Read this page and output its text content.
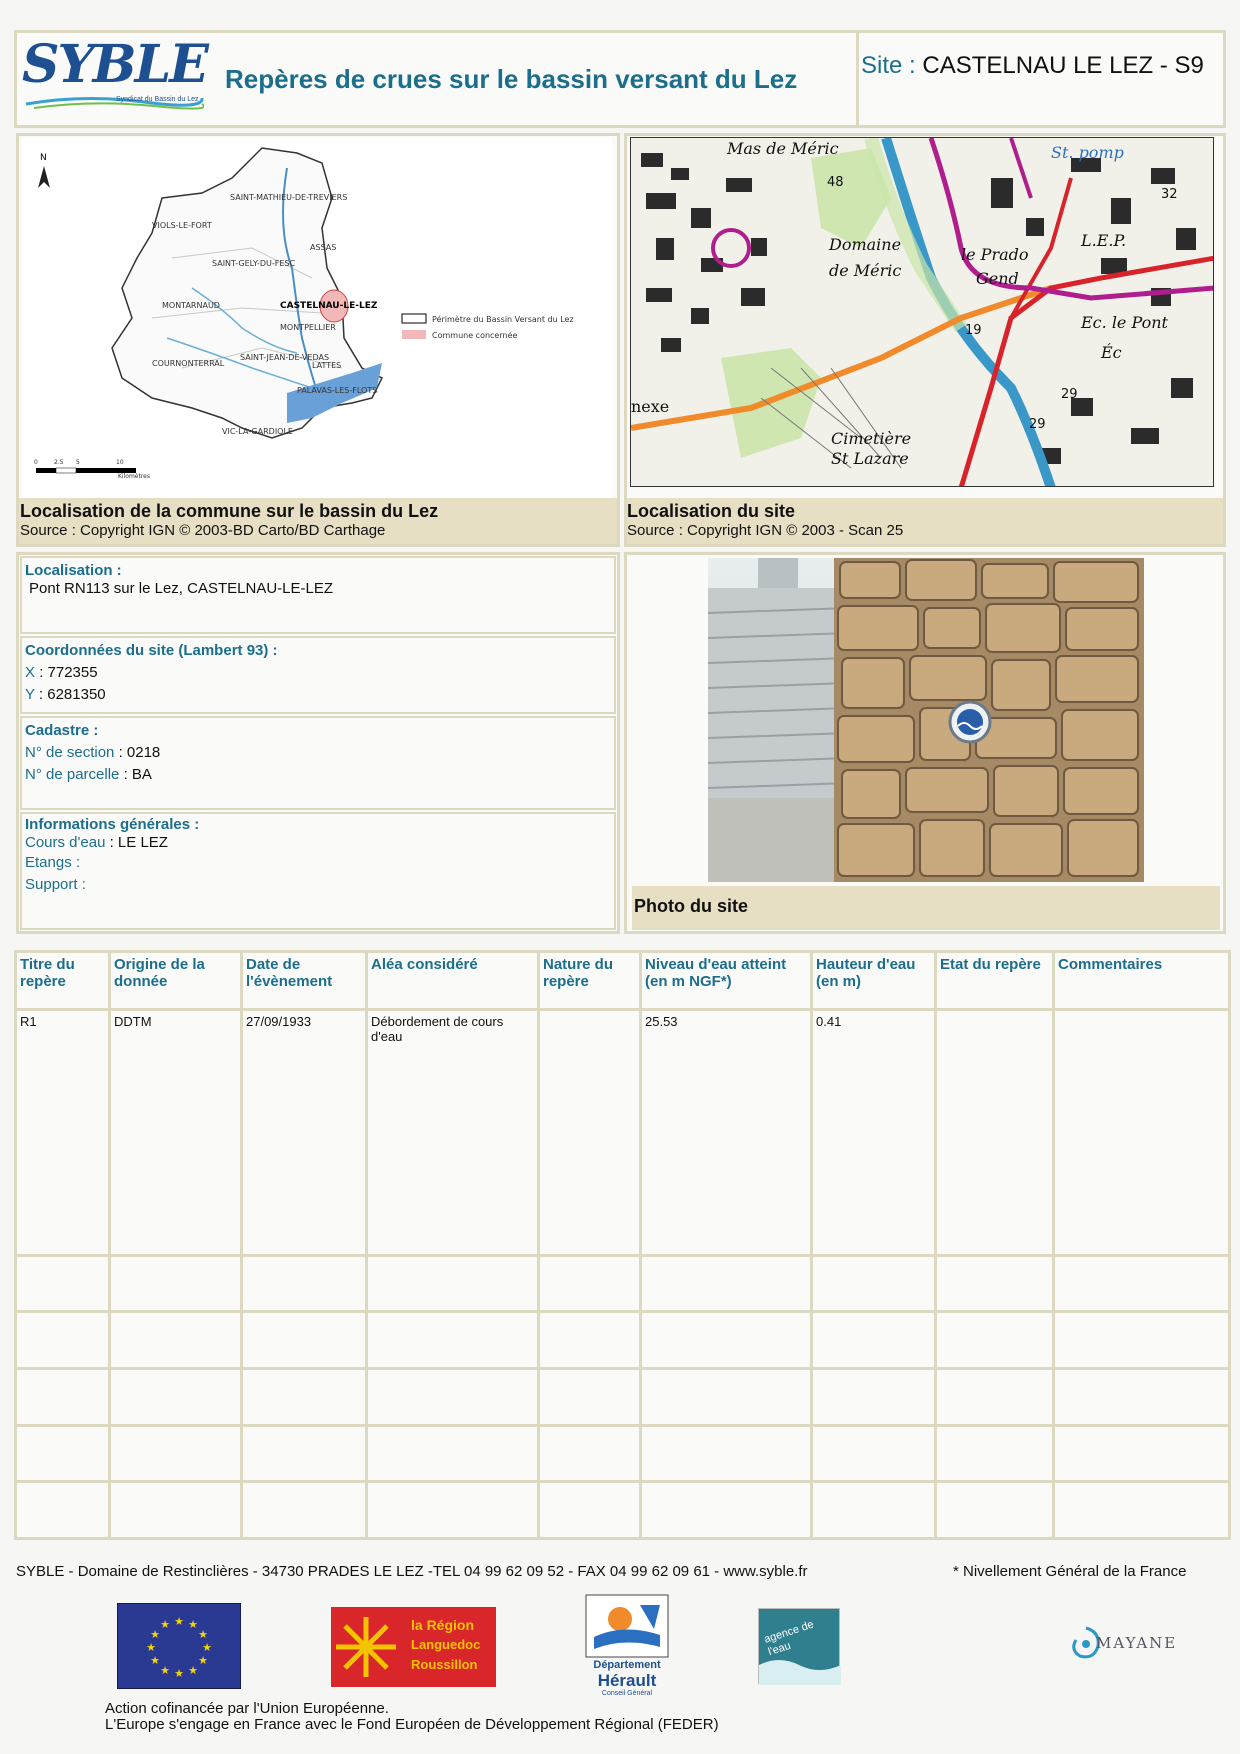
SYBLE
Syndicat du Bassin du Lez
Repères de crues sur le bassin versant du Lez	Site : CASTELNAU LE LEZ - S9
N
SAINT-MATHIEU-DE-TREVIERS
VIOLS-LE-FORT
ASSAS
SAINT-GELY-DU-FESC
MONTARNAUD	CASTELNAU-LE-LEZ
MONTPELLIER
SAINT-JEAN-DE-VEDAS
LATTES
COURNONTERRAL
PALAVAS-LES-FLOTS
VIC-LA-GARDIOLE
Périmètre du Bassin Versant du Lez
Commune concernée
0	2.5 5	10
Kilomètres
Localisation de la commune sur le bassin du Lez
Source : Copyright IGN © 2003-BD Carto/BD Carthage
Mas de Méric	St. pomp
Domaine
de Méric
le Prado
Gend
L.E.P.
Ec. le Pont
Éc
nexe
Cimetière
St Lazare
48
32
19
29
29
Localisation du site
Source : Copyright IGN © 2003 - Scan 25
Localisation :
Pont RN113 sur le Lez, CASTELNAU-LE-LEZ
Coordonnées du site (Lambert 93) :
X : 772355
Y : 6281350
Cadastre :
N° de section : 0218
N° de parcelle : BA
Informations générales :
Cours d'eau : LE LEZ
Etangs :
Support :
Photo du site
Titre du repère	Origine de la donnée	Date de l'évènement	Aléa considéré	Nature du repère	Niveau d'eau atteint (en m NGF*)	Hauteur d'eau (en m)	Etat du repère	Commentaires
R1	DDTM	27/09/1933	Débordement de cours d'eau		25.53	0.41		

SYBLE - Domaine de Restinclières - 34730 PRADES LE LEZ -TEL 04 99 62 09 52 - FAX 04 99 62 09 61 - www.syble.fr	* Nivellement Général de la France
★ ★
★
★
★
★
★
★
★
★
★
★	la Région
Languedoc
Roussillon	Département
Hérault
Conseil Général
agence de l'eau	MAYANE
Action cofinancée par l'Union Européenne.
L'Europe s'engage en France avec le Fond Européen de Développement Régional (FEDER)
